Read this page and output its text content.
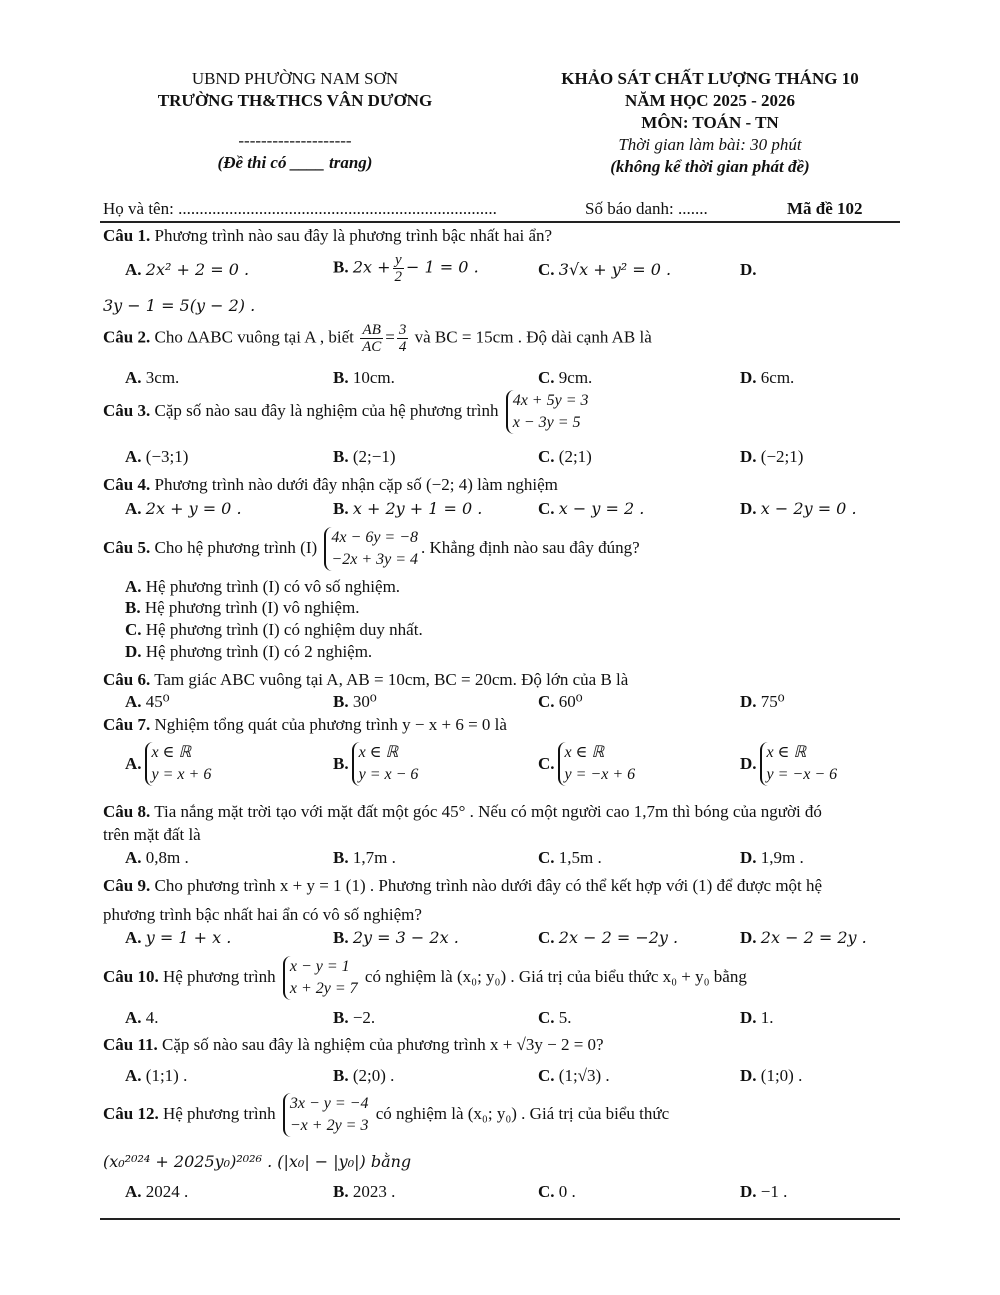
UBND PHƯỜNG NAM SƠN
TRƯỜNG TH&THCS VÂN DƯƠNG
--------------------
(Đề thi có ____ trang)
KHẢO SÁT CHẤT LƯỢNG THÁNG 10
NĂM HỌC 2025 - 2026
MÔN: TOÁN - TN
Thời gian làm bài: 30 phút
(không kể thời gian phát đề)
Họ và tên: ...........................................................................	Số báo danh: .......	Mã đề 102
Câu 1. Phương trình nào sau đây là phương trình bậc nhất hai ẩn?
A. 2x² + 2 = 0 .	B. $2x + \frac{y}{2} - 1 = 0$ .	C. 3√x + y² = 0 .	D.
3y − 1 = 5(y − 2) .
Câu 2. Cho ΔABC vuông tại A , biết $\frac{AB}{AC} = \frac{3}{4}$ và BC = 15cm . Độ dài cạnh AB là
A. 3cm.	B. 10cm.	C. 9cm.	D. 6cm.
Câu 3. Cặp số nào sau đây là nghiệm của hệ phương trình
4x + 5y = 3
x − 3y = 5
A. (−3;1)	B. (2;−1)	C. (2;1)	D. (−2;1)
Câu 4. Phương trình nào dưới đây nhận cặp số (−2; 4) làm nghiệm
A. 2x + y = 0 .	B. x + 2y + 1 = 0 .	C. x − y = 2 .	D. x − 2y = 0 .
Câu 5. Cho hệ phương trình (I)
4x − 6y = −8
−2x + 3y = 4
. Khẳng định nào sau đây đúng?
A. Hệ phương trình (I) có vô số nghiệm.
B. Hệ phương trình (I) vô nghiệm.
C. Hệ phương trình (I) có nghiệm duy nhất.
D. Hệ phương trình (I) có 2 nghiệm.
Câu 6. Tam giác ABC vuông tại A, AB = 10cm, BC = 20cm. Độ lớn của B là
A. 45⁰	B. 30⁰	C. 60⁰	D. 75⁰
Câu 7. Nghiệm tổng quát của phương trình y − x + 6 = 0 là
A.
x ∈ ℝ
y = x + 6
B.
x ∈ ℝ
y = x − 6
C.
x ∈ ℝ
y = −x + 6
D.
x ∈ ℝ
y = −x − 6
Câu 8. Tia nắng mặt trời tạo với mặt đất một góc 45° . Nếu có một người cao 1,7m thì bóng của người đó
trên mặt đất là
A. 0,8m .	B. 1,7m .	C. 1,5m .	D. 1,9m .
Câu 9. Cho phương trình x + y = 1 (1) . Phương trình nào dưới đây có thể kết hợp với (1) để được một hệ
phương trình bậc nhất hai ẩn có vô số nghiệm?
A. y = 1 + x .	B. 2y = 3 − 2x .	C. 2x − 2 = −2y .	D. 2x − 2 = 2y .
Câu 10. Hệ phương trình
x − y = 1
x + 2y = 7
có nghiệm là (x₀; y₀) . Giá trị của biểu thức x₀ + y₀ bằng
A. 4.	B. −2.	C. 5.	D. 1.
Câu 11. Cặp số nào sau đây là nghiệm của phương trình x + √3y − 2 = 0?
A. (1;1) .	B. (2;0) .	C. (1;√3) .	D. (1;0) .
Câu 12. Hệ phương trình
3x − y = −4
−x + 2y = 3
có nghiệm là (x₀; y₀) . Giá trị của biểu thức
(x₀²⁰²⁴ + 2025y₀)²⁰²⁶ . (|x₀| − |y₀|) bằng
A. 2024 .	B. 2023 .	C. 0 .	D. −1 .
